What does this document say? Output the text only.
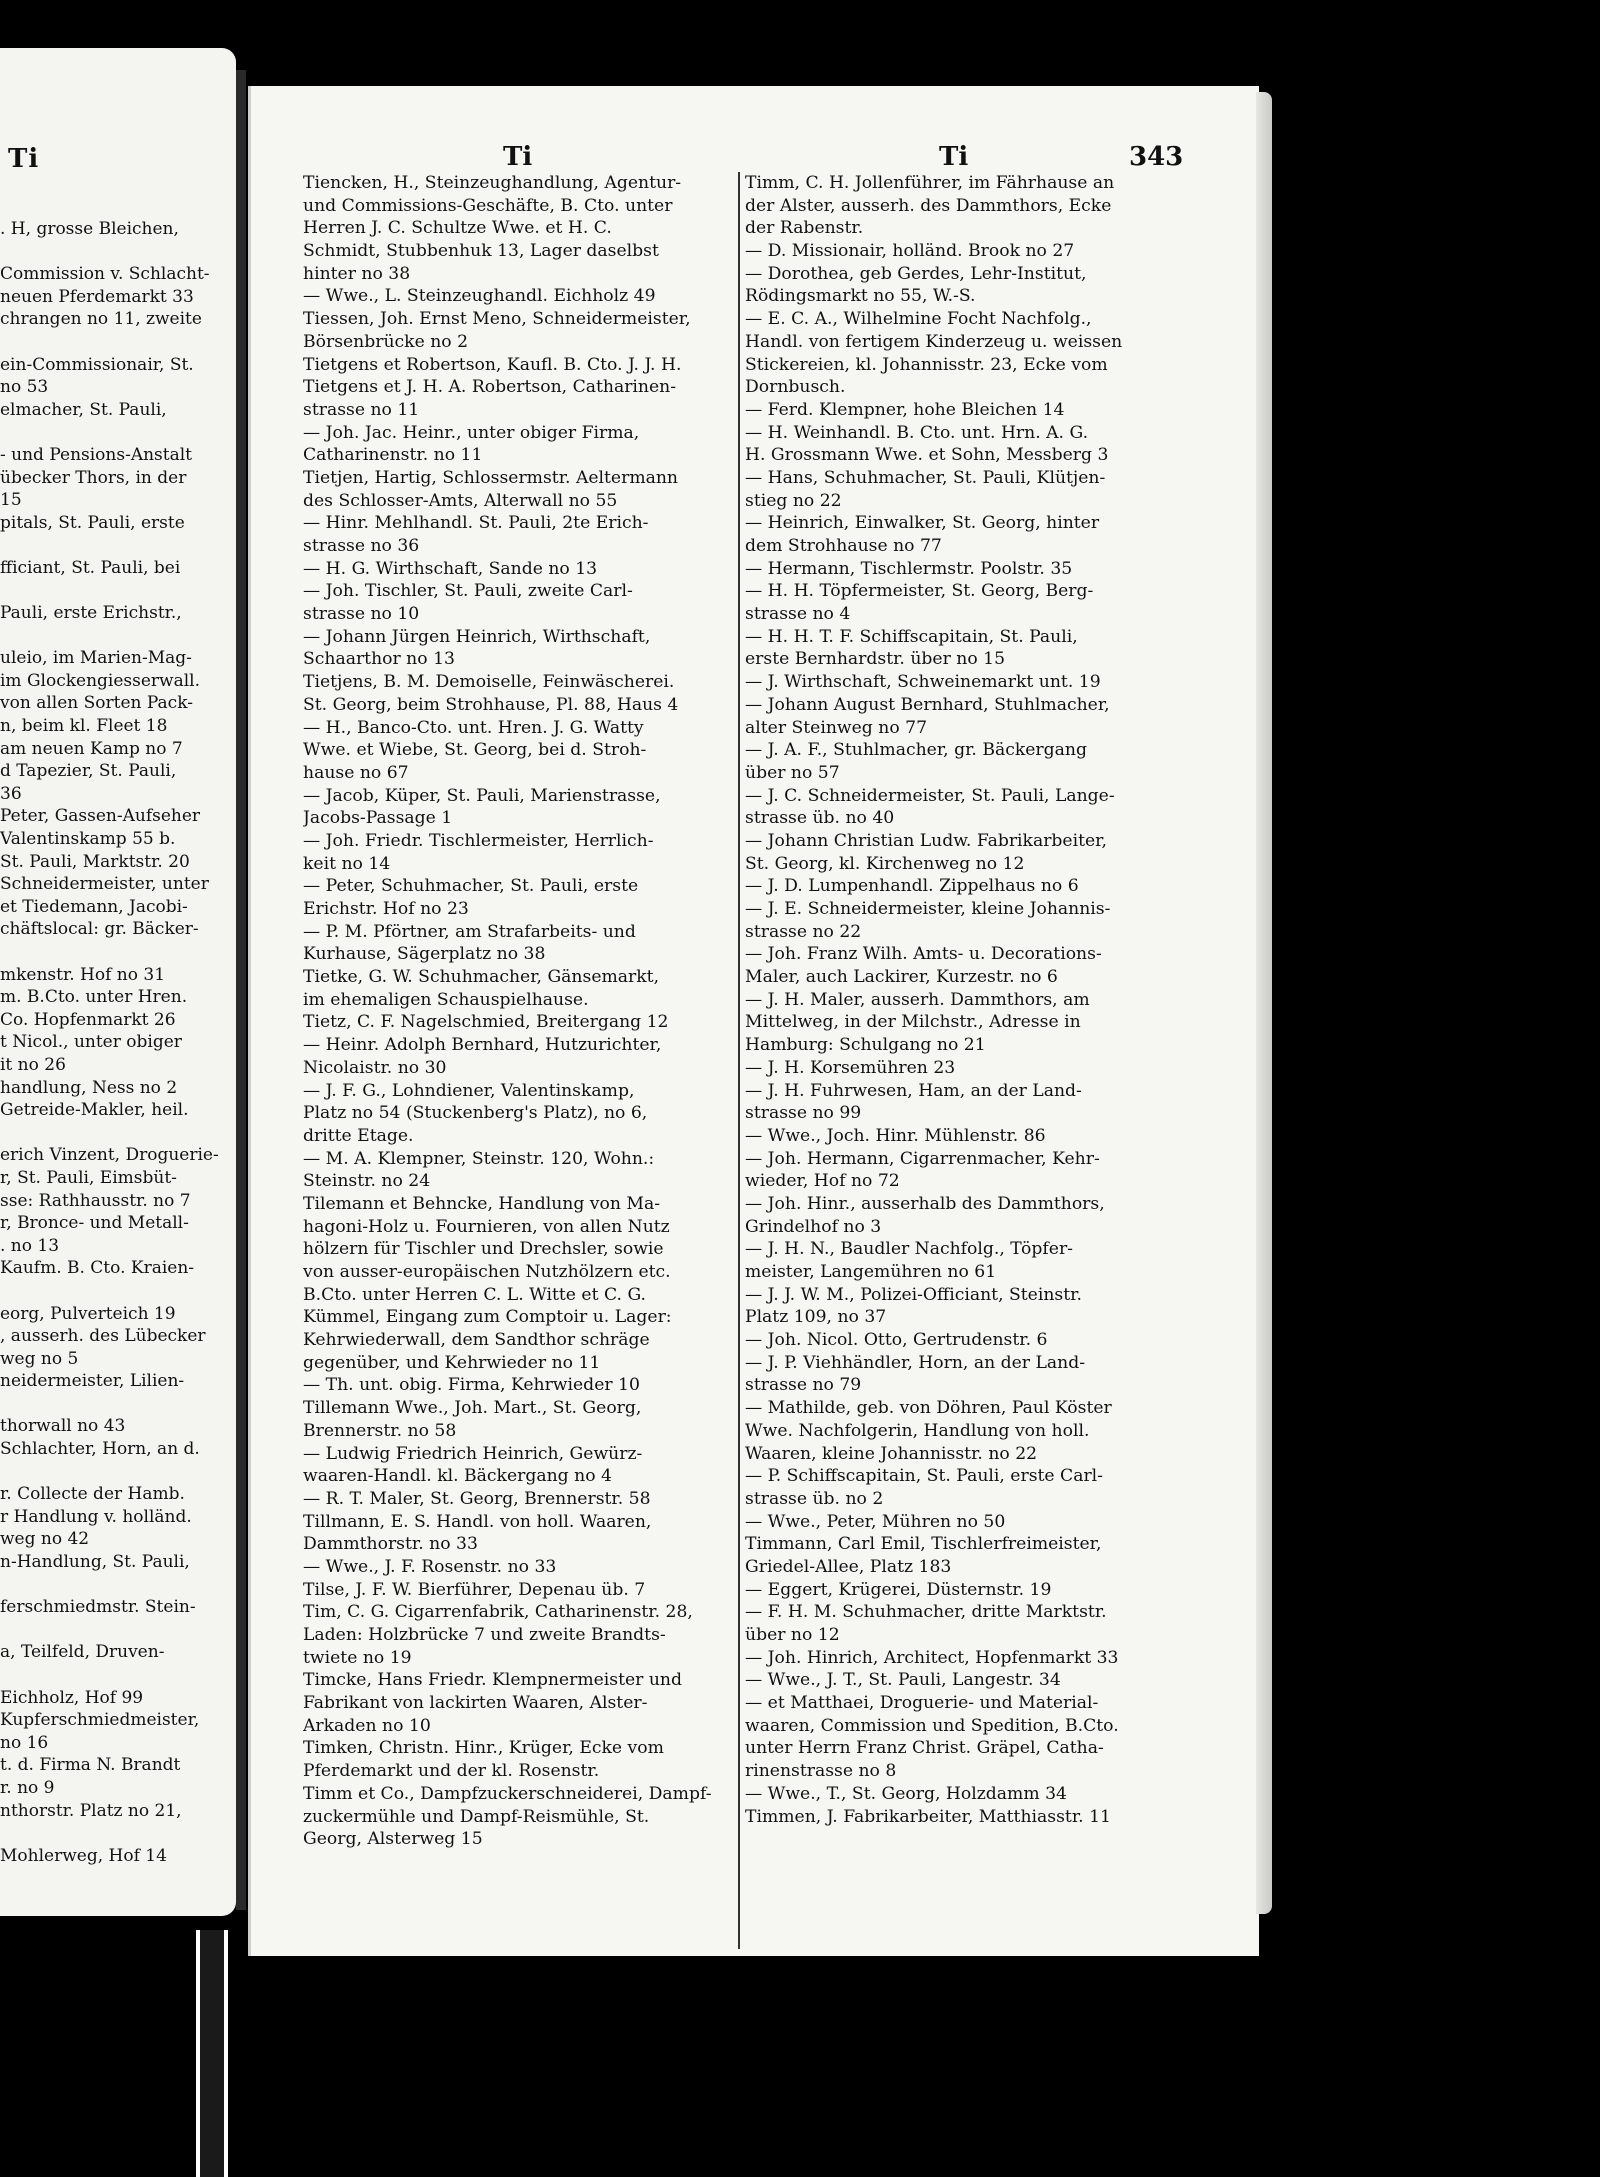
Ti
. H, grosse Bleichen,
Commission v. Schlacht-
neuen Pferdemarkt 33
chrangen no 11, zweite
ein-Commissionair, St.
no 53
elmacher, St. Pauli,
- und Pensions-Anstalt
übecker Thors, in der
15
pitals, St. Pauli, erste
fficiant, St. Pauli, bei
Pauli, erste Erichstr.,
uleio, im Marien-Mag-
im Glockengiesserwall.
von allen Sorten Pack-
n, beim kl. Fleet 18
am neuen Kamp no 7
d Tapezier, St. Pauli,
36
Peter, Gassen-Aufseher
Valentinskamp 55 b.
St. Pauli, Marktstr. 20
Schneidermeister, unter
et Tiedemann, Jacobi-
chäftslocal: gr. Bäcker-
mkenstr. Hof no 31
m. B.Cto. unter Hren.
Co. Hopfenmarkt 26
t Nicol., unter obiger
it no 26
handlung, Ness no 2
Getreide-Makler, heil.
erich Vinzent, Droguerie-
r, St. Pauli, Eimsbüt-
sse: Rathhausstr. no 7
r, Bronce- und Metall-
. no 13
Kaufm. B. Cto. Kraien-
eorg, Pulverteich 19
, ausserh. des Lübecker
weg no 5
neidermeister, Lilien-
thorwall no 43
Schlachter, Horn, an d.
r. Collecte der Hamb.
r Handlung v. holländ.
weg no 42
n-Handlung, St. Pauli,
ferschmiedmstr. Stein-
a, Teilfeld, Druven-
Eichholz, Hof 99
Kupferschmiedmeister,
no 16
t. d. Firma N. Brandt
r. no 9
nthorstr. Platz no 21,
Mohlerweg, Hof 14
Ti	Ti	343
Tiencken, H., Steinzeughandlung, Agentur-
und Commissions-Geschäfte, B. Cto. unter
Herren J. C. Schultze Wwe. et H. C.
Schmidt, Stubbenhuk 13, Lager daselbst
hinter no 38
— Wwe., L. Steinzeughandl. Eichholz 49
Tiessen, Joh. Ernst Meno, Schneidermeister,
Börsenbrücke no 2
Tietgens et Robertson, Kaufl. B. Cto. J. J. H.
Tietgens et J. H. A. Robertson, Catharinen-
strasse no 11
— Joh. Jac. Heinr., unter obiger Firma,
Catharinenstr. no 11
Tietjen, Hartig, Schlossermstr. Aeltermann
des Schlosser-Amts, Alterwall no 55
— Hinr. Mehlhandl. St. Pauli, 2te Erich-
strasse no 36
— H. G. Wirthschaft, Sande no 13
— Joh. Tischler, St. Pauli, zweite Carl-
strasse no 10
— Johann Jürgen Heinrich, Wirthschaft,
Schaarthor no 13
Tietjens, B. M. Demoiselle, Feinwäscherei.
St. Georg, beim Strohhause, Pl. 88, Haus 4
— H., Banco-Cto. unt. Hren. J. G. Watty
Wwe. et Wiebe, St. Georg, bei d. Stroh-
hause no 67
— Jacob, Küper, St. Pauli, Marienstrasse,
Jacobs-Passage 1
— Joh. Friedr. Tischlermeister, Herrlich-
keit no 14
— Peter, Schuhmacher, St. Pauli, erste
Erichstr. Hof no 23
— P. M. Pförtner, am Strafarbeits- und
Kurhause, Sägerplatz no 38
Tietke, G. W. Schuhmacher, Gänsemarkt,
im ehemaligen Schauspielhause.
Tietz, C. F. Nagelschmied, Breitergang 12
— Heinr. Adolph Bernhard, Hutzurichter,
Nicolaistr. no 30
— J. F. G., Lohndiener, Valentinskamp,
Platz no 54 (Stuckenberg's Platz), no 6,
dritte Etage.
— M. A. Klempner, Steinstr. 120, Wohn.:
Steinstr. no 24
Tilemann et Behncke, Handlung von Ma-
hagoni-Holz u. Fournieren, von allen Nutz
hölzern für Tischler und Drechsler, sowie
von ausser-europäischen Nutzhölzern etc.
B.Cto. unter Herren C. L. Witte et C. G.
Kümmel, Eingang zum Comptoir u. Lager:
Kehrwiederwall, dem Sandthor schräge
gegenüber, und Kehrwieder no 11
— Th. unt. obig. Firma, Kehrwieder 10
Tillemann Wwe., Joh. Mart., St. Georg,
Brennerstr. no 58
— Ludwig Friedrich Heinrich, Gewürz-
waaren-Handl. kl. Bäckergang no 4
— R. T. Maler, St. Georg, Brennerstr. 58
Tillmann, E. S. Handl. von holl. Waaren,
Dammthorstr. no 33
— Wwe., J. F. Rosenstr. no 33
Tilse, J. F. W. Bierführer, Depenau üb. 7
Tim, C. G. Cigarrenfabrik, Catharinenstr. 28,
Laden: Holzbrücke 7 und zweite Brandts-
twiete no 19
Timcke, Hans Friedr. Klempnermeister und
Fabrikant von lackirten Waaren, Alster-
Arkaden no 10
Timken, Christn. Hinr., Krüger, Ecke vom
Pferdemarkt und der kl. Rosenstr.
Timm et Co., Dampfzuckerschneiderei, Dampf-
zuckermühle und Dampf-Reismühle, St.
Georg, Alsterweg 15
Timm, C. H. Jollenführer, im Fährhause an
der Alster, ausserh. des Dammthors, Ecke
der Rabenstr.
— D. Missionair, holländ. Brook no 27
— Dorothea, geb Gerdes, Lehr-Institut,
Rödingsmarkt no 55, W.-S.
— E. C. A., Wilhelmine Focht Nachfolg.,
Handl. von fertigem Kinderzeug u. weissen
Stickereien, kl. Johannisstr. 23, Ecke vom
Dornbusch.
— Ferd. Klempner, hohe Bleichen 14
— H. Weinhandl. B. Cto. unt. Hrn. A. G.
H. Grossmann Wwe. et Sohn, Messberg 3
— Hans, Schuhmacher, St. Pauli, Klütjen-
stieg no 22
— Heinrich, Einwalker, St. Georg, hinter
dem Strohhause no 77
— Hermann, Tischlermstr. Poolstr. 35
— H. H. Töpfermeister, St. Georg, Berg-
strasse no 4
— H. H. T. F. Schiffscapitain, St. Pauli,
erste Bernhardstr. über no 15
— J. Wirthschaft, Schweinemarkt unt. 19
— Johann August Bernhard, Stuhlmacher,
alter Steinweg no 77
— J. A. F., Stuhlmacher, gr. Bäckergang
über no 57
— J. C. Schneidermeister, St. Pauli, Lange-
strasse üb. no 40
— Johann Christian Ludw. Fabrikarbeiter,
St. Georg, kl. Kirchenweg no 12
— J. D. Lumpenhandl. Zippelhaus no 6
— J. E. Schneidermeister, kleine Johannis-
strasse no 22
— Joh. Franz Wilh. Amts- u. Decorations-
Maler, auch Lackirer, Kurzestr. no 6
— J. H. Maler, ausserh. Dammthors, am
Mittelweg, in der Milchstr., Adresse in
Hamburg: Schulgang no 21
— J. H. Korsemühren 23
— J. H. Fuhrwesen, Ham, an der Land-
strasse no 99
— Wwe., Joch. Hinr. Mühlenstr. 86
— Joh. Hermann, Cigarrenmacher, Kehr-
wieder, Hof no 72
— Joh. Hinr., ausserhalb des Dammthors,
Grindelhof no 3
— J. H. N., Baudler Nachfolg., Töpfer-
meister, Langemühren no 61
— J. J. W. M., Polizei-Officiant, Steinstr.
Platz 109, no 37
— Joh. Nicol. Otto, Gertrudenstr. 6
— J. P. Viehhändler, Horn, an der Land-
strasse no 79
— Mathilde, geb. von Döhren, Paul Köster
Wwe. Nachfolgerin, Handlung von holl.
Waaren, kleine Johannisstr. no 22
— P. Schiffscapitain, St. Pauli, erste Carl-
strasse üb. no 2
— Wwe., Peter, Mühren no 50
Timmann, Carl Emil, Tischlerfreimeister,
Griedel-Allee, Platz 183
— Eggert, Krügerei, Düsternstr. 19
— F. H. M. Schuhmacher, dritte Marktstr.
über no 12
— Joh. Hinrich, Architect, Hopfenmarkt 33
— Wwe., J. T., St. Pauli, Langestr. 34
— et Matthaei, Droguerie- und Material-
waaren, Commission und Spedition, B.Cto.
unter Herrn Franz Christ. Gräpel, Catha-
rinenstrasse no 8
— Wwe., T., St. Georg, Holzdamm 34
Timmen, J. Fabrikarbeiter, Matthiasstr. 11
